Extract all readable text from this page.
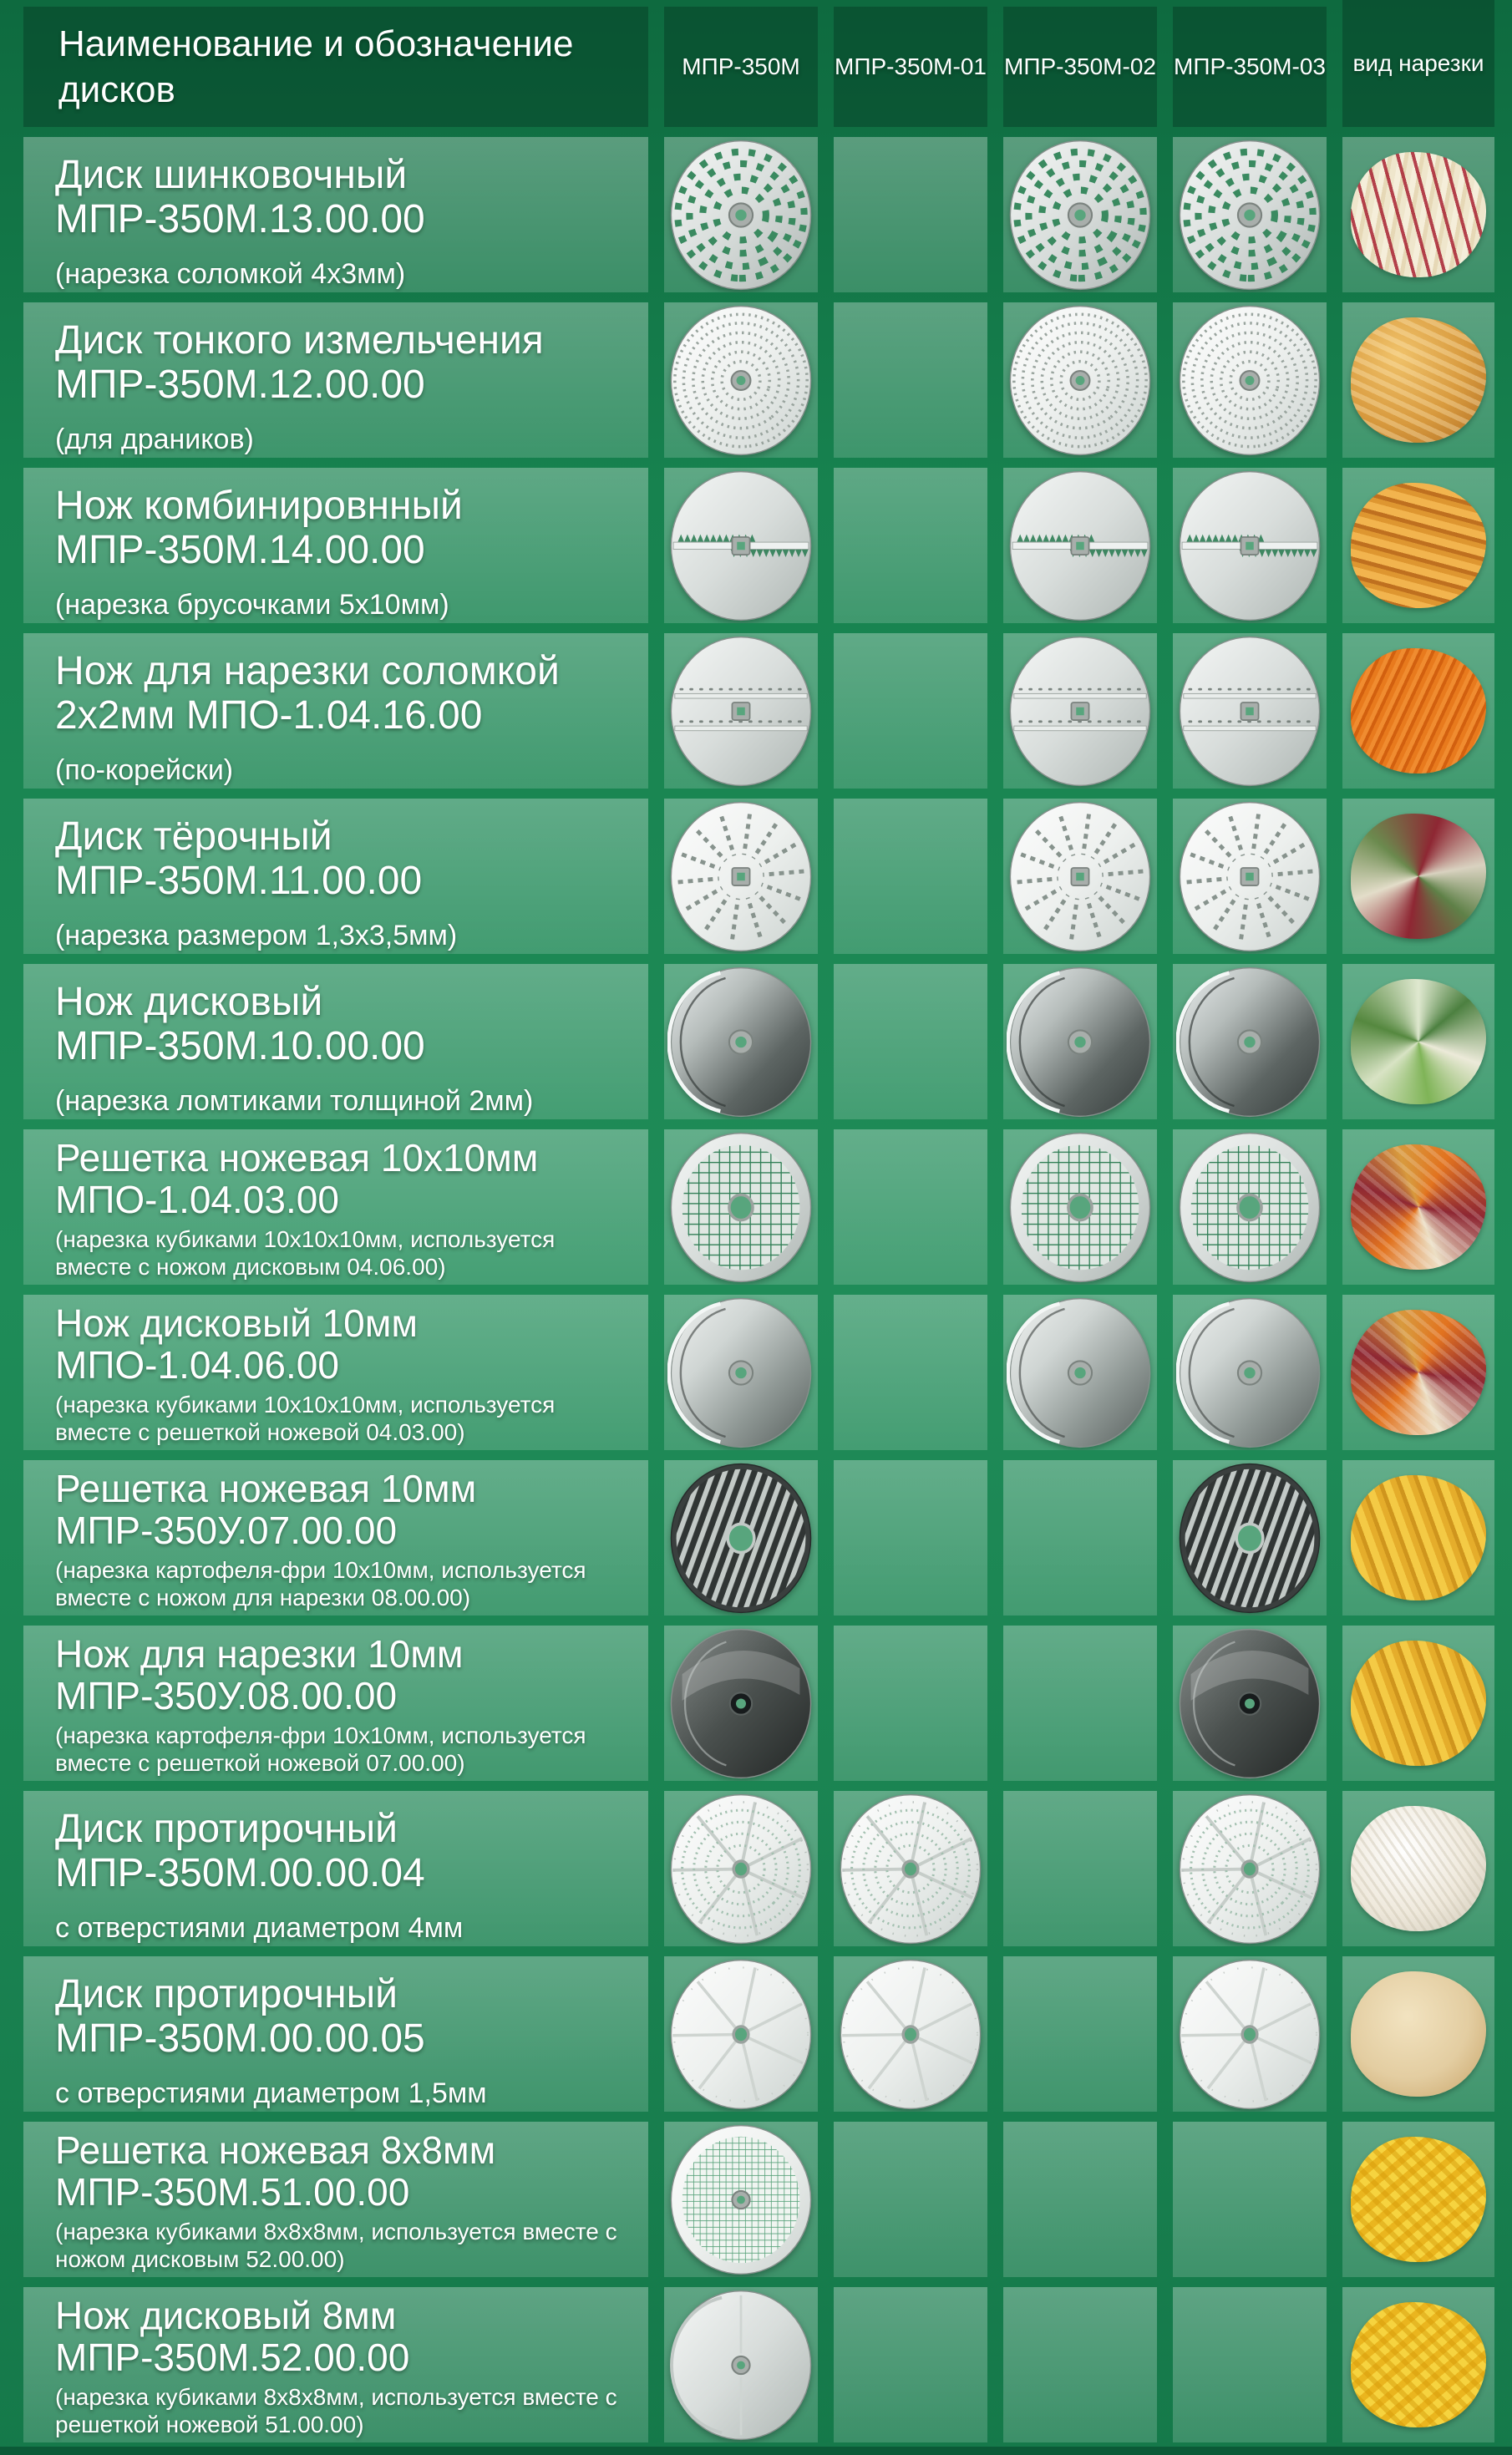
Наименование и обозначение дисков
МПР-350М	МПР-350М-01 МПР-350М-02 МПР-350М-03 вид нарезки
Диск шинковочный
МПР-350М.13.00.00
(нарезка соломкой 4х3мм)
Диск тонкого измельчения
МПР-350М.12.00.00
(для драников)
Нож комбинировнный
МПР-350М.14.00.00
(нарезка брусочками 5х10мм)
Нож для нарезки соломкой
2х2мм МПО-1.04.16.00
(по-корейски)
Диск тёрочный
МПР-350М.11.00.00
(нарезка размером 1,3х3,5мм)
Нож дисковый
МПР-350М.10.00.00
(нарезка ломтиками толщиной 2мм)
Решетка ножевая 10х10мм
МПО-1.04.03.00
(нарезка кубиками 10х10х10мм, используется вместе с ножом дисковым 04.06.00)
Нож дисковый 10мм
МПО-1.04.06.00
(нарезка кубиками 10х10х10мм, используется вместе с решеткой ножевой 04.03.00)
Решетка ножевая 10мм
МПР-350У.07.00.00
(нарезка картофеля-фри 10х10мм, используется вместе с ножом для нарезки 08.00.00)
Нож для нарезки 10мм
МПР-350У.08.00.00
(нарезка картофеля-фри 10х10мм, используется вместе с решеткой ножевой 07.00.00)
Диск протирочный
МПР-350М.00.00.04
с отверстиями диаметром 4мм
Диск протирочный
МПР-350М.00.00.05
с отверстиями диаметром 1,5мм
Решетка ножевая 8х8мм
МПР-350М.51.00.00
(нарезка кубиками 8х8х8мм, используется вместе с ножом дисковым 52.00.00)
Нож дисковый 8мм
МПР-350М.52.00.00
(нарезка кубиками 8х8х8мм, используется вместе с решеткой ножевой 51.00.00)
